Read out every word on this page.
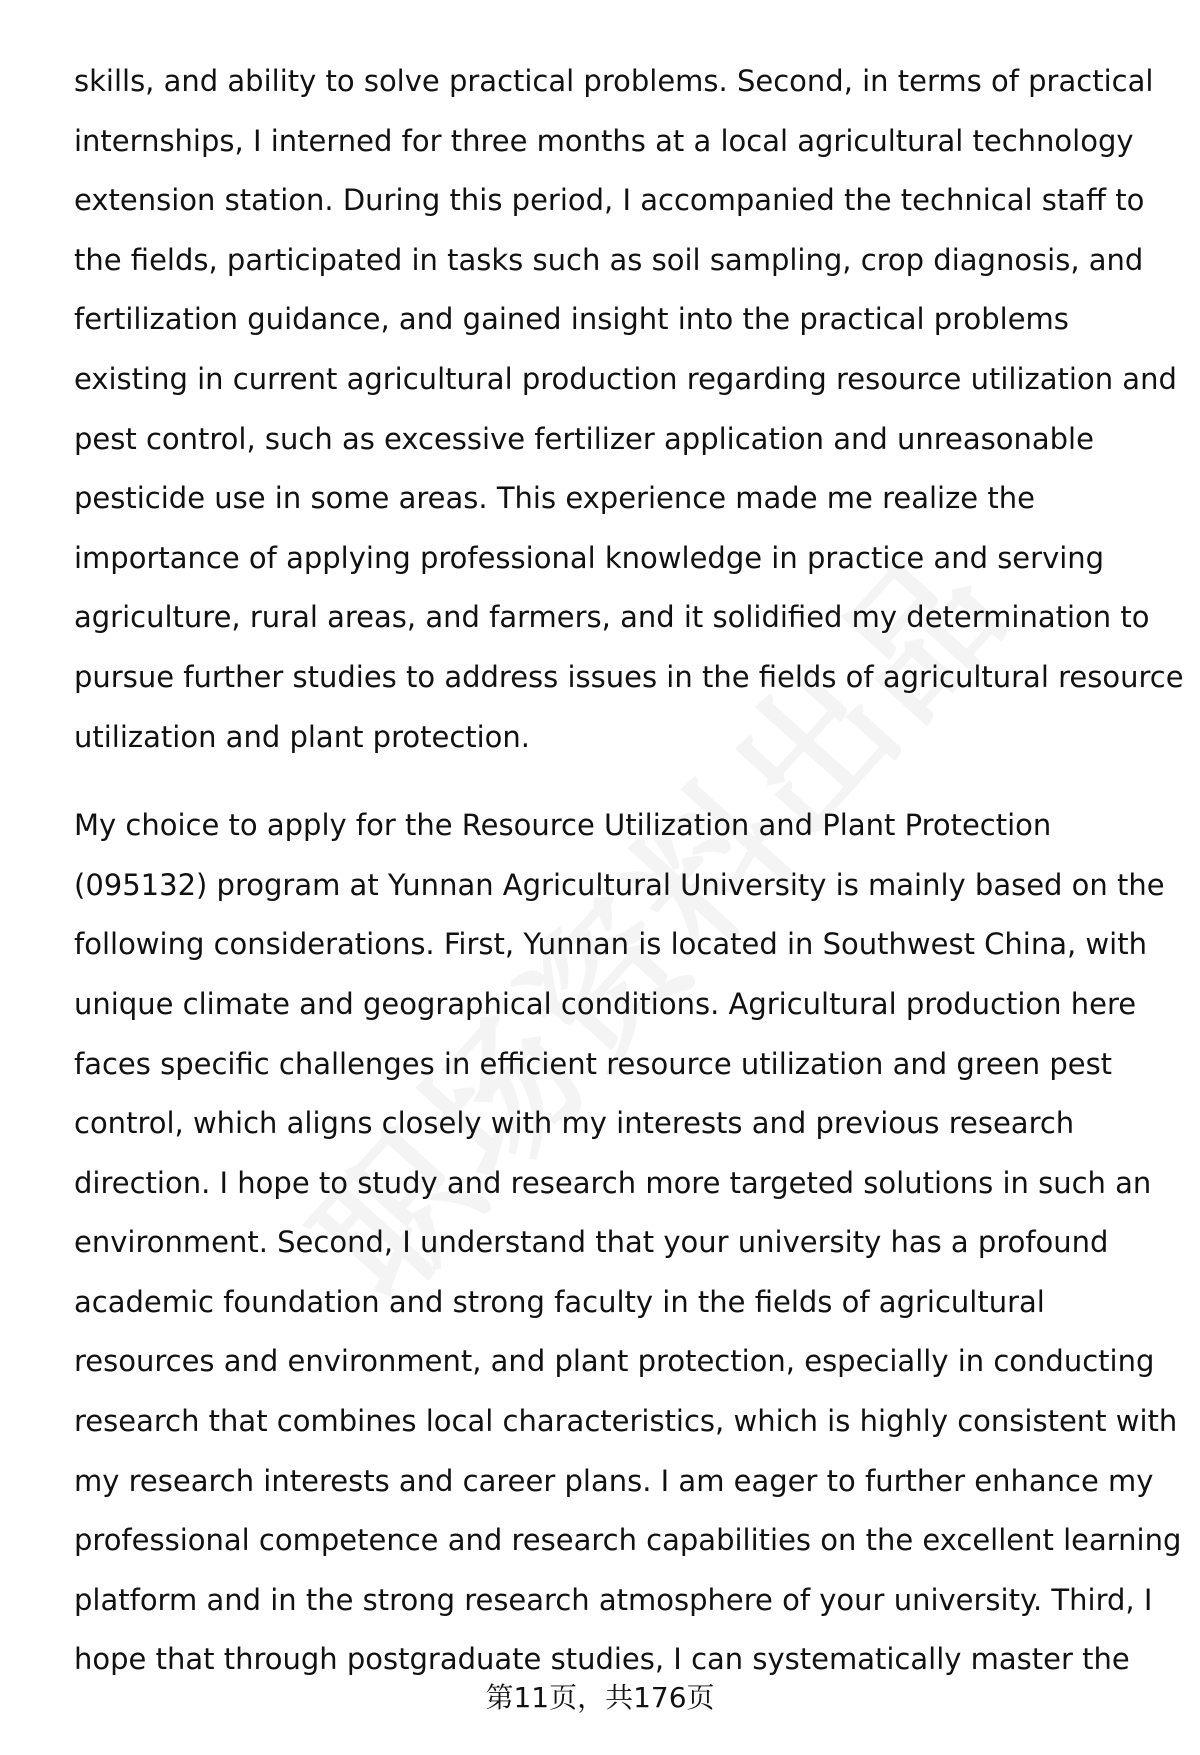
skills, and ability to solve practical problems. Second, in terms of practical
internships, I interned for three months at a local agricultural technology
extension station. During this period, I accompanied the technical staff to
the fields, participated in tasks such as soil sampling, crop diagnosis, and
fertilization guidance, and gained insight into the practical problems
existing in current agricultural production regarding resource utilization and
pest control, such as excessive fertilizer application and unreasonable
pesticide use in some areas. This experience made me realize the
importance of applying professional knowledge in practice and serving
agriculture, rural areas, and farmers, and it solidified my determination to
pursue further studies to address issues in the fields of agricultural resource
utilization and plant protection.
My choice to apply for the Resource Utilization and Plant Protection
(095132) program at Yunnan Agricultural University is mainly based on the
following considerations. First, Yunnan is located in Southwest China, with
unique climate and geographical conditions. Agricultural production here
faces specific challenges in efficient resource utilization and green pest
control, which aligns closely with my interests and previous research
direction. I hope to study and research more targeted solutions in such an
environment. Second, I understand that your university has a profound
academic foundation and strong faculty in the fields of agricultural
resources and environment, and plant protection, especially in conducting
research that combines local characteristics, which is highly consistent with
my research interests and career plans. I am eager to further enhance my
professional competence and research capabilities on the excellent learning
platform and in the strong research atmosphere of your university. Third, I
hope that through postgraduate studies, I can systematically master the
第11页，共176页
